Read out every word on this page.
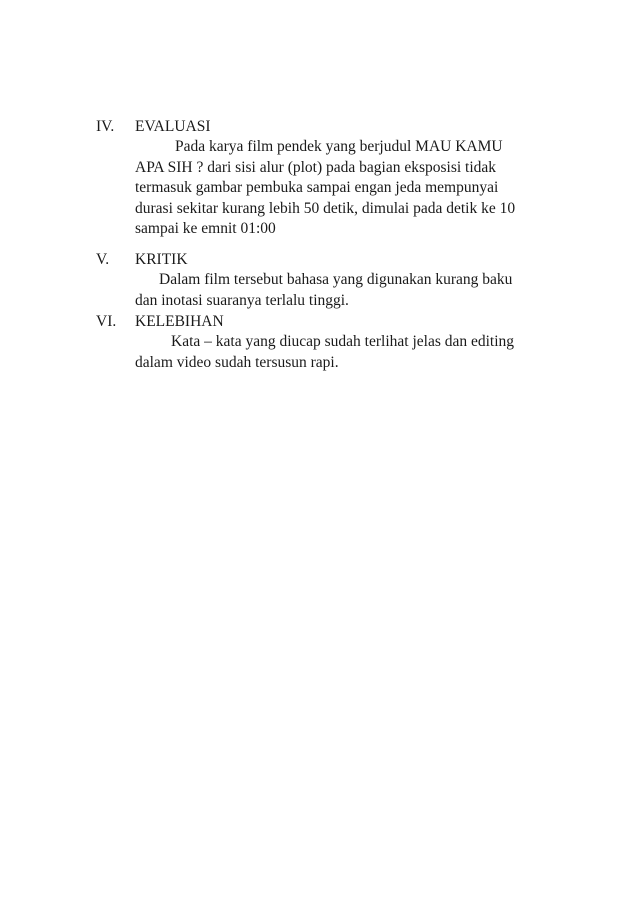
IV. EVALUASI
Pada karya film pendek yang berjudul MAU KAMU
APA SIH ? dari sisi alur (plot) pada bagian eksposisi tidak
termasuk gambar pembuka sampai engan jeda mempunyai
durasi sekitar kurang lebih 50 detik, dimulai pada detik ke 10
sampai ke emnit 01:00
V. KRITIK
Dalam film tersebut bahasa yang digunakan kurang baku
dan inotasi suaranya terlalu tinggi.
VI. KELEBIHAN
Kata – kata yang diucap sudah terlihat jelas dan editing
dalam video sudah tersusun rapi.
